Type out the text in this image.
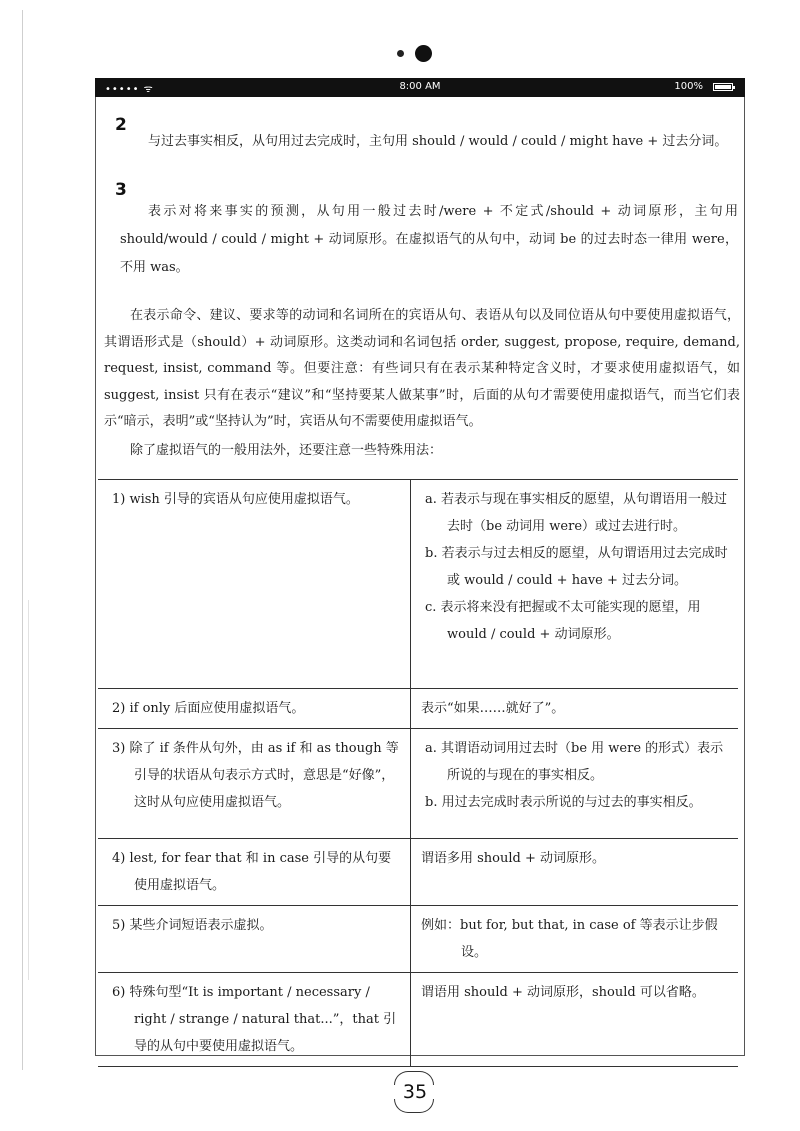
••••• ᯤ	8:00 AM	100%
2
与过去事实相反，从句用过去完成时，主句用 should / would / could / might have + 过去分词。
3
表示对将来事实的预测，从句用一般过去时/were + 不定式/should + 动词原形，主句用 should/would / could / might + 动词原形。在虚拟语气的从句中，动词 be 的过去时态一律用 were，不用 was。
在表示命令、建议、要求等的动词和名词所在的宾语从句、表语从句以及同位语从句中要使用虚拟语气，其谓语形式是（should）+ 动词原形。这类动词和名词包括 order, suggest, propose, require, demand, request, insist, command 等。但要注意：有些词只有在表示某种特定含义时，才要求使用虚拟语气，如 suggest, insist 只有在表示“建议”和“坚持要某人做某事”时，后面的从句才需要使用虚拟语气，而当它们表示“暗示，表明”或“坚持认为”时，宾语从句不需要使用虚拟语气。
除了虚拟语气的一般用法外，还要注意一些特殊用法：
1) wish 引导的宾语从句应使用虚拟语气。	a. 若表示与现在事实相反的愿望，从句谓语用一般过去时（be 动词用 were）或过去进行时。
b. 若表示与过去相反的愿望，从句谓语用过去完成时或 would / could + have + 过去分词。
c. 表示将来没有把握或不太可能实现的愿望，用 would / could + 动词原形。

2) if only 后面应使用虚拟语气。	表示“如果……就好了”。

3) 除了 if 条件从句外，由 as if 和 as though 等引导的状语从句表示方式时，意思是“好像”，这时从句应使用虚拟语气。	a. 其谓语动词用过去时（be 用 were 的形式）表示所说的与现在的事实相反。
b. 用过去完成时表示所说的与过去的事实相反。

4) lest, for fear that 和 in case 引导的从句要使用虚拟语气。	谓语多用 should + 动词原形。

5) 某些介词短语表示虚拟。	例如：but for, but that, in case of 等表示让步假设。

6) 特殊句型“It is important / necessary / right / strange / natural that...”，that 引导的从句中要使用虚拟语气。	谓语用 should + 动词原形，should 可以省略。
35
